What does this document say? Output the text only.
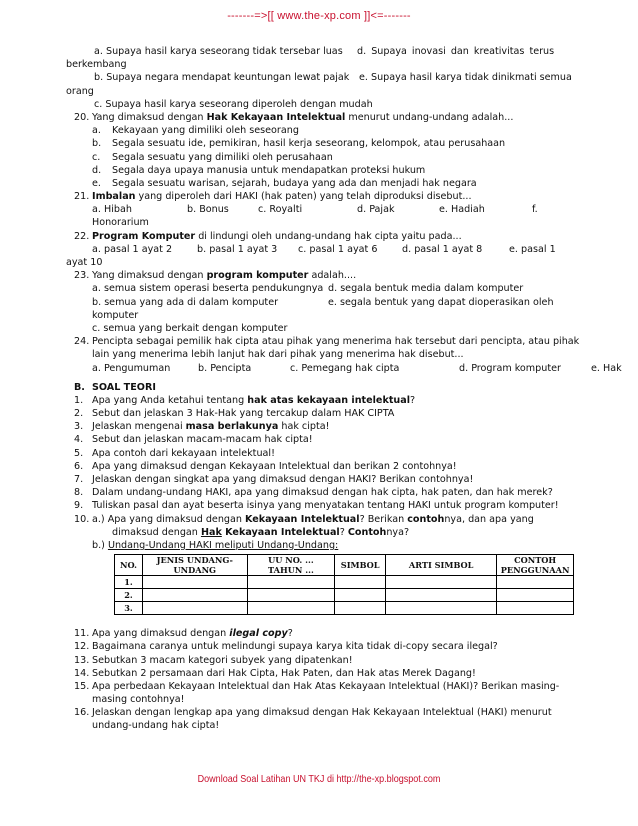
-------=>[[ www.the-xp.com ]]<=-------
a. Supaya hasil karya seseorang tidak tersebar luas d. Supaya inovasi dan kreativitas terus
berkembang
b. Supaya negara mendapat keuntungan lewat pajak e. Supaya hasil karya tidak dinikmati semua
orang
c. Supaya hasil karya seseorang diperoleh dengan mudah
20. Yang dimaksud dengan Hak Kekayaan Intelektual menurut undang-undang adalah...
a. Kekayaan yang dimiliki oleh seseorang
b. Segala sesuatu ide, pemikiran, hasil kerja seseorang, kelompok, atau perusahaan
c. Segala sesuatu yang dimiliki oleh perusahaan
d. Segala daya upaya manusia untuk mendapatkan proteksi hukum
e. Segala sesuatu warisan, sejarah, budaya yang ada dan menjadi hak negara
21. Imbalan yang diperoleh dari HAKI (hak paten) yang telah diproduksi disebut...
a. Hibah	b. Bonus	c. Royalti	d. Pajak	e. Hadiah	f.
Honorarium
22. Program Komputer di lindungi oleh undang-undang hak cipta yaitu pada...
a. pasal 1 ayat 2	b. pasal 1 ayat 3 c. pasal 1 ayat 6	d. pasal 1 ayat 8	e. pasal 1
ayat 10
23. Yang dimaksud dengan program komputer adalah....
a. semua sistem operasi beserta pendukungnya d. segala bentuk media dalam komputer
b. semua yang ada di dalam komputer	e. segala bentuk yang dapat dioperasikan oleh
komputer
c. semua yang berkait dengan komputer
24. Pencipta sebagai pemilik hak cipta atau pihak yang menerima hak tersebut dari pencipta, atau pihak
lain yang menerima lebih lanjut hak dari pihak yang menerima hak disebut...
a. Pengumuman	b. Pencipta	c. Pemegang hak cipta	d. Program komputer	e. Hak
B. SOAL TEORI
1. Apa yang Anda ketahui tentang hak atas kekayaan intelektual?
2. Sebut dan jelaskan 3 Hak-Hak yang tercakup dalam HAK CIPTA
3. Jelaskan mengenai masa berlakunya hak cipta!
4. Sebut dan jelaskan macam-macam hak cipta!
5. Apa contoh dari kekayaan intelektual!
6. Apa yang dimaksud dengan Kekayaan Intelektual dan berikan 2 contohnya!
7. Jelaskan dengan singkat apa yang dimaksud dengan HAKI? Berikan contohnya!
8. Dalam undang-undang HAKI, apa yang dimaksud dengan hak cipta, hak paten, dan hak merek?
9. Tuliskan pasal dan ayat beserta isinya yang menyatakan tentang HAKI untuk program komputer!
10. a.) Apa yang dimaksud dengan Kekayaan Intelektual? Berikan contohnya, dan apa yang
dimaksud dengan Hak Kekayaan Intelektual? Contohnya?
b.) Undang-Undang HAKI meliputi Undang-Undang:
NO.	JENIS UNDANG-UNDANG	UU NO. ... TAHUN ...	SIMBOL	ARTI SIMBOL	CONTOH PENGGUNAAN
1.					
2.					
3.					
11. Apa yang dimaksud dengan ilegal copy?
12. Bagaimana caranya untuk melindungi supaya karya kita tidak di-copy secara ilegal?
13. Sebutkan 3 macam kategori subyek yang dipatenkan!
14. Sebutkan 2 persamaan dari Hak Cipta, Hak Paten, dan Hak atas Merek Dagang!
15. Apa perbedaan Kekayaan Intelektual dan Hak Atas Kekayaan Intelektual (HAKI)? Berikan masing-
masing contohnya!
16. Jelaskan dengan lengkap apa yang dimaksud dengan Hak Kekayaan Intelektual (HAKI) menurut
undang-undang hak cipta!
Download Soal Latihan UN TKJ di http://the-xp.blogspot.com
